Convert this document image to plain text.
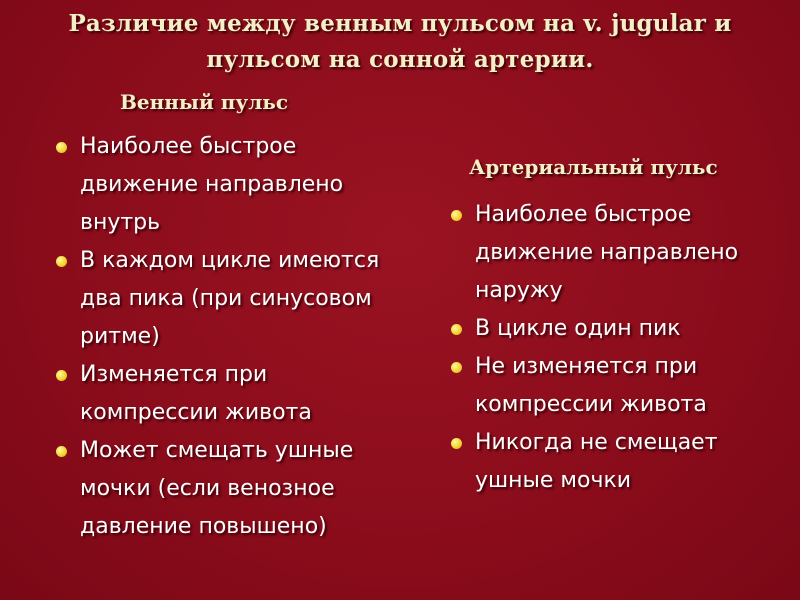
Различие между венным пульсом на v. jugular и пульсом на сонной артерии.
Венный пульс
Наиболее быстрое движение направлено внутрь
В каждом цикле имеются два пика (при синусовом ритме)
Изменяется при компрессии живота
Может смещать ушные мочки (если венозное давление повышено)
Артериальный пульс
Наиболее быстрое движение направлено наружу
В цикле один пик
Не изменяется при компрессии живота
Никогда не смещает ушные мочки
